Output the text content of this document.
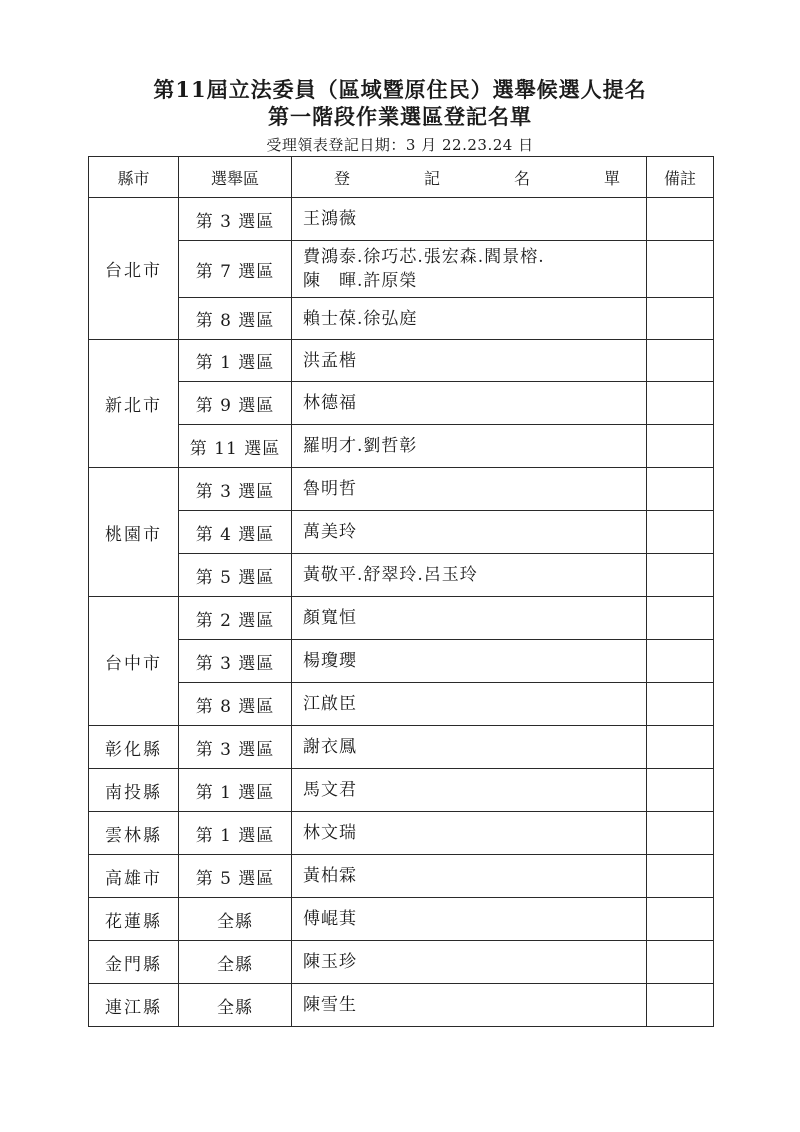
第11屆立法委員（區域暨原住民）選舉候選人提名
第一階段作業選區登記名單
受理領表登記日期：3 月 22.23.24 日
縣市	選舉區	登 記 名 單	備註
台北市	第 3 選區	王鴻薇	

	第 7 選區	費鴻泰.徐巧芯.張宏森.閻景榕.
陳　暉.許原榮	

	第 8 選區	賴士葆.徐弘庭	

新北市	第 1 選區	洪孟楷	

	第 9 選區	林德福	

	第 11 選區	羅明才.劉哲彰	

桃園市	第 3 選區	魯明哲	

	第 4 選區	萬美玲	

	第 5 選區	黃敬平.舒翠玲.呂玉玲	

台中市	第 2 選區	顏寬恒	

	第 3 選區	楊瓊瓔	

	第 8 選區	江啟臣	

彰化縣	第 3 選區	謝衣鳳	

南投縣	第 1 選區	馬文君	

雲林縣	第 1 選區	林文瑞	

高雄市	第 5 選區	黃柏霖	

花蓮縣	全縣	傅崐萁	

金門縣	全縣	陳玉珍	

連江縣	全縣	陳雪生	
